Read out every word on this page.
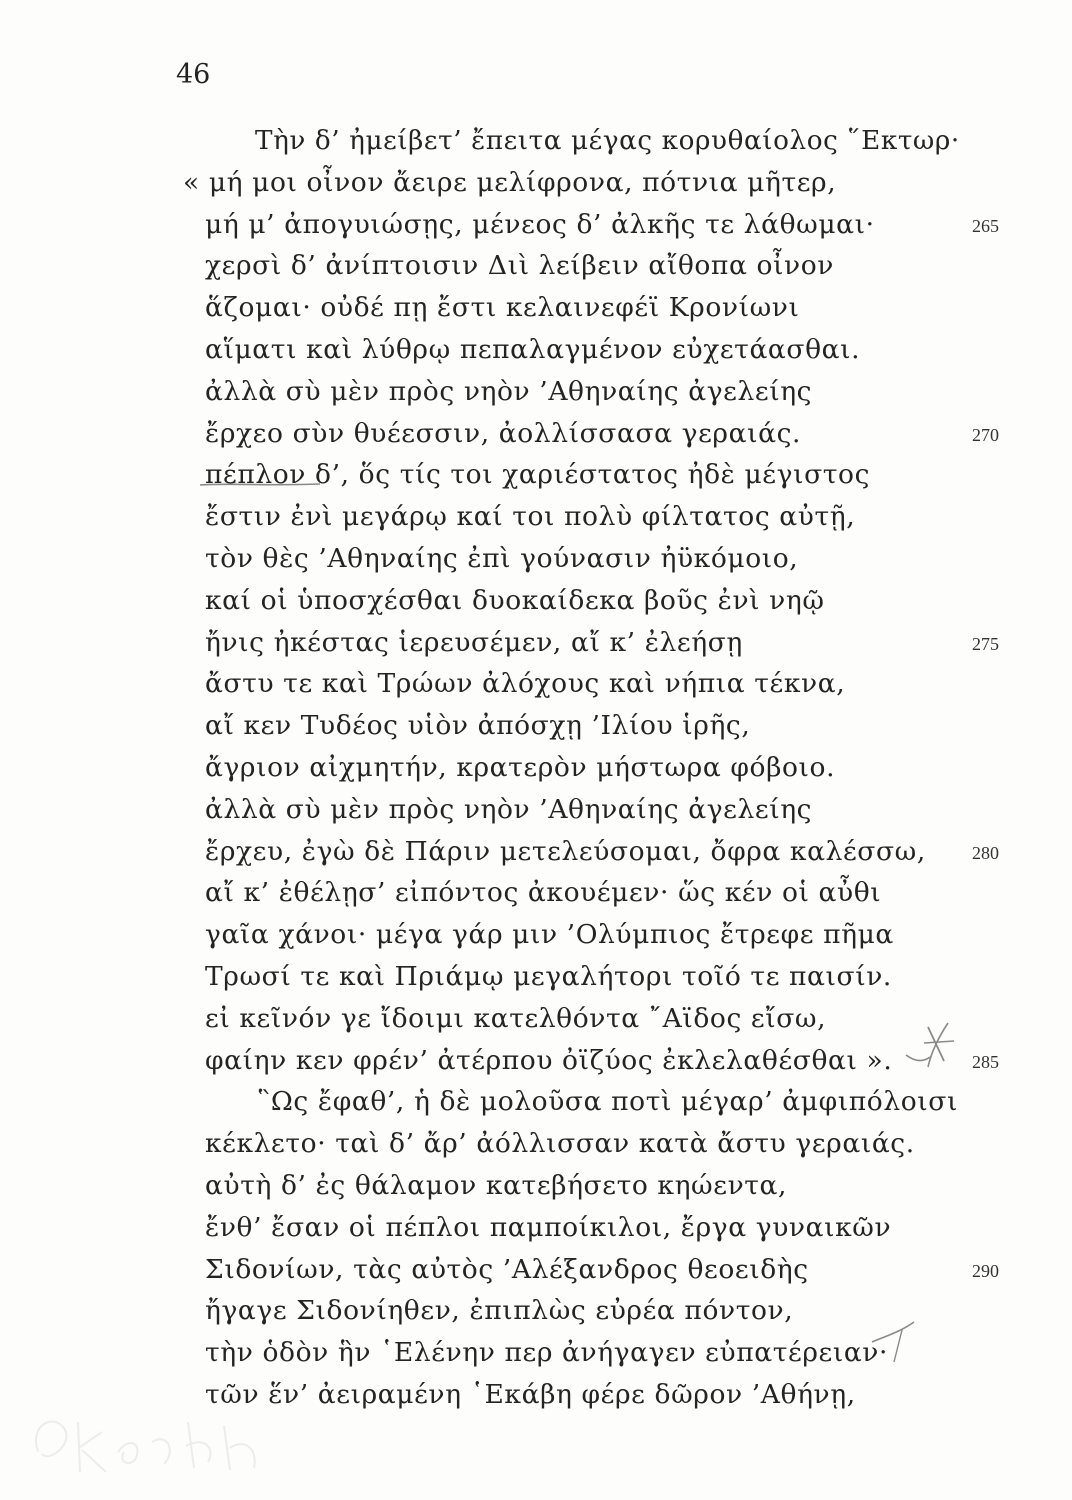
46
Τὴν δ’ ἠμείβετ’ ἔπειτα μέγας κορυθαίολος ῞Εκτωρ·
« μή μοι οἶνον ἄειρε μελίφρονα, πότνια μῆτερ,
μή μ’ ἀπογυιώσῃς, μένεος δ’ ἀλκῆς τε λάθωμαι·	265
χερσὶ δ’ ἀνίπτοισιν Διὶ λείβειν αἴθοπα οἶνον
ἅζομαι· οὐδέ πῃ ἔστι κελαινεφέϊ Κρονίωνι
αἵματι καὶ λύθρῳ πεπαλαγμένον εὐχετάασθαι.
ἀλλὰ σὺ μὲν πρὸς νηὸν ’Αθηναίης ἀγελείης
ἔρχεο σὺν θυέεσσιν, ἀολλίσσασα γεραιάς.	270
πέπλον δ’, ὅς τίς τοι χαριέστατος ἠδὲ μέγιστος
ἔστιν ἐνὶ μεγάρῳ καί τοι πολὺ φίλτατος αὐτῇ,
τὸν θὲς ’Αθηναίης ἐπὶ γούνασιν ἠϋκόμοιο,
καί οἱ ὑποσχέσθαι δυοκαίδεκα βοῦς ἐνὶ νηῷ
ἤνις ἠκέστας ἱερευσέμεν, αἴ κ’ ἐλεήσῃ	275
ἄστυ τε καὶ Τρώων ἀλόχους καὶ νήπια τέκνα,
αἴ κεν Τυδέος υἱὸν ἀπόσχῃ ’Ιλίου ἱρῆς,
ἄγριον αἰχμητήν, κρατερὸν μήστωρα φόβοιο.
ἀλλὰ σὺ μὲν πρὸς νηὸν ’Αθηναίης ἀγελείης
ἔρχευ, ἐγὼ δὲ Πάριν μετελεύσομαι, ὄφρα καλέσσω,	280
αἴ κ’ ἐθέλῃσ’ εἰπόντος ἀκουέμεν· ὥς κέν οἱ αὖθι
γαῖα χάνοι· μέγα γάρ μιν ’Ολύμπιος ἔτρεφε πῆμα
Τρωσί τε καὶ Πριάμῳ μεγαλήτορι τοῖό τε παισίν.
εἰ κεῖνόν γε ἴδοιμι κατελθόντα ῎Αϊδος εἴσω,
φαίην κεν φρέν’ ἀτέρπου ὀϊζύος ἐκλελαθέσθαι ».	285
῝Ως ἔφαθ’, ἡ δὲ μολοῦσα ποτὶ μέγαρ’ ἀμφιπόλοισι
κέκλετο· ταὶ δ’ ἄρ’ ἀόλλισσαν κατὰ ἄστυ γεραιάς.
αὐτὴ δ’ ἐς θάλαμον κατεβήσετο κηώεντα,
ἔνθ’ ἔσαν οἱ πέπλοι παμποίκιλοι, ἔργα γυναικῶν
Σιδονίων, τὰς αὐτὸς ’Αλέξανδρος θεοειδὴς	290
ἤγαγε Σιδονίηθεν, ἐπιπλὼς εὐρέα πόντον,
τὴν ὁδὸν ἣν ῾Ελένην περ ἀνήγαγεν εὐπατέρειαν·
τῶν ἕν’ ἀειραμένη ῾Εκάβη φέρε δῶρον ’Αθήνῃ,
